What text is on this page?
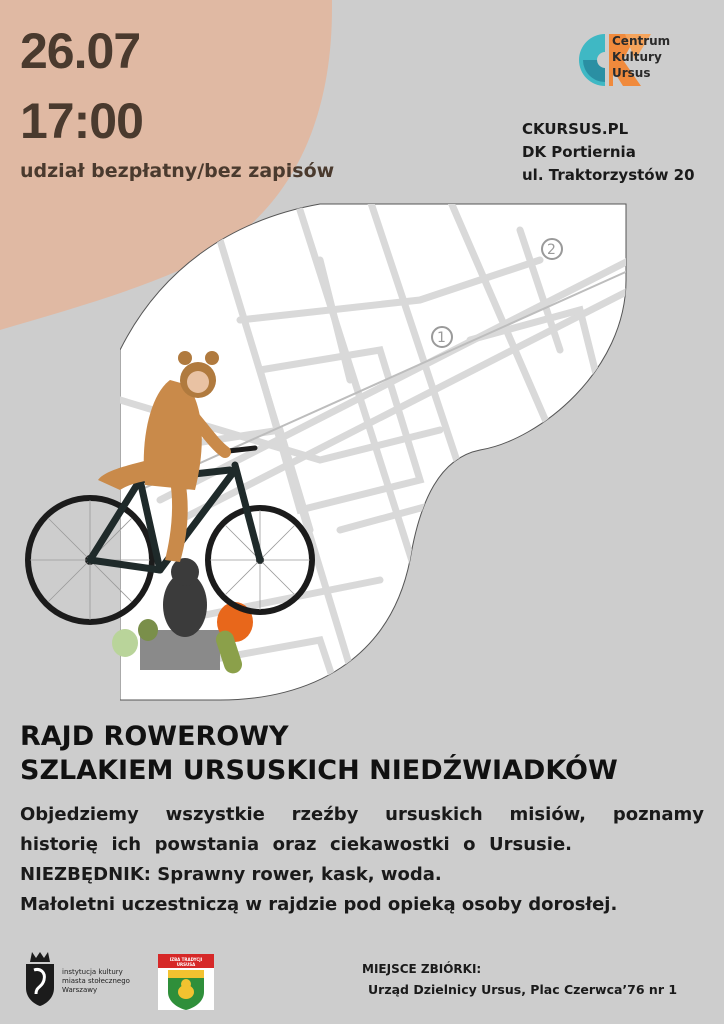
26.07
17:00
udział bezpłatny/bez zapisów
Centrum
Kultury
Ursus
CKURSUS.PL
DK Portiernia
ul. Traktorzystów 20
1
2
RAJD ROWEROWY
SZLAKIEM URSUSKICH NIEDŹWIADKÓW
Objedziemy wszystkie rzeźby ursuskich misiów, poznamy
historię ich powstania oraz ciekawostki o Ursusie.
NIEZBĘDNIK: Sprawny rower, kask, woda.
Małoletni uczestniczą w rajdzie pod opieką osoby dorosłej.
instytucja kultury
miasta stołecznego
Warszawy
IZBA TRADYCJI
URSUSA	MIEJSCE ZBIÓRKI:
Urząd Dzielnicy Ursus, Plac Czerwca’76 nr 1
